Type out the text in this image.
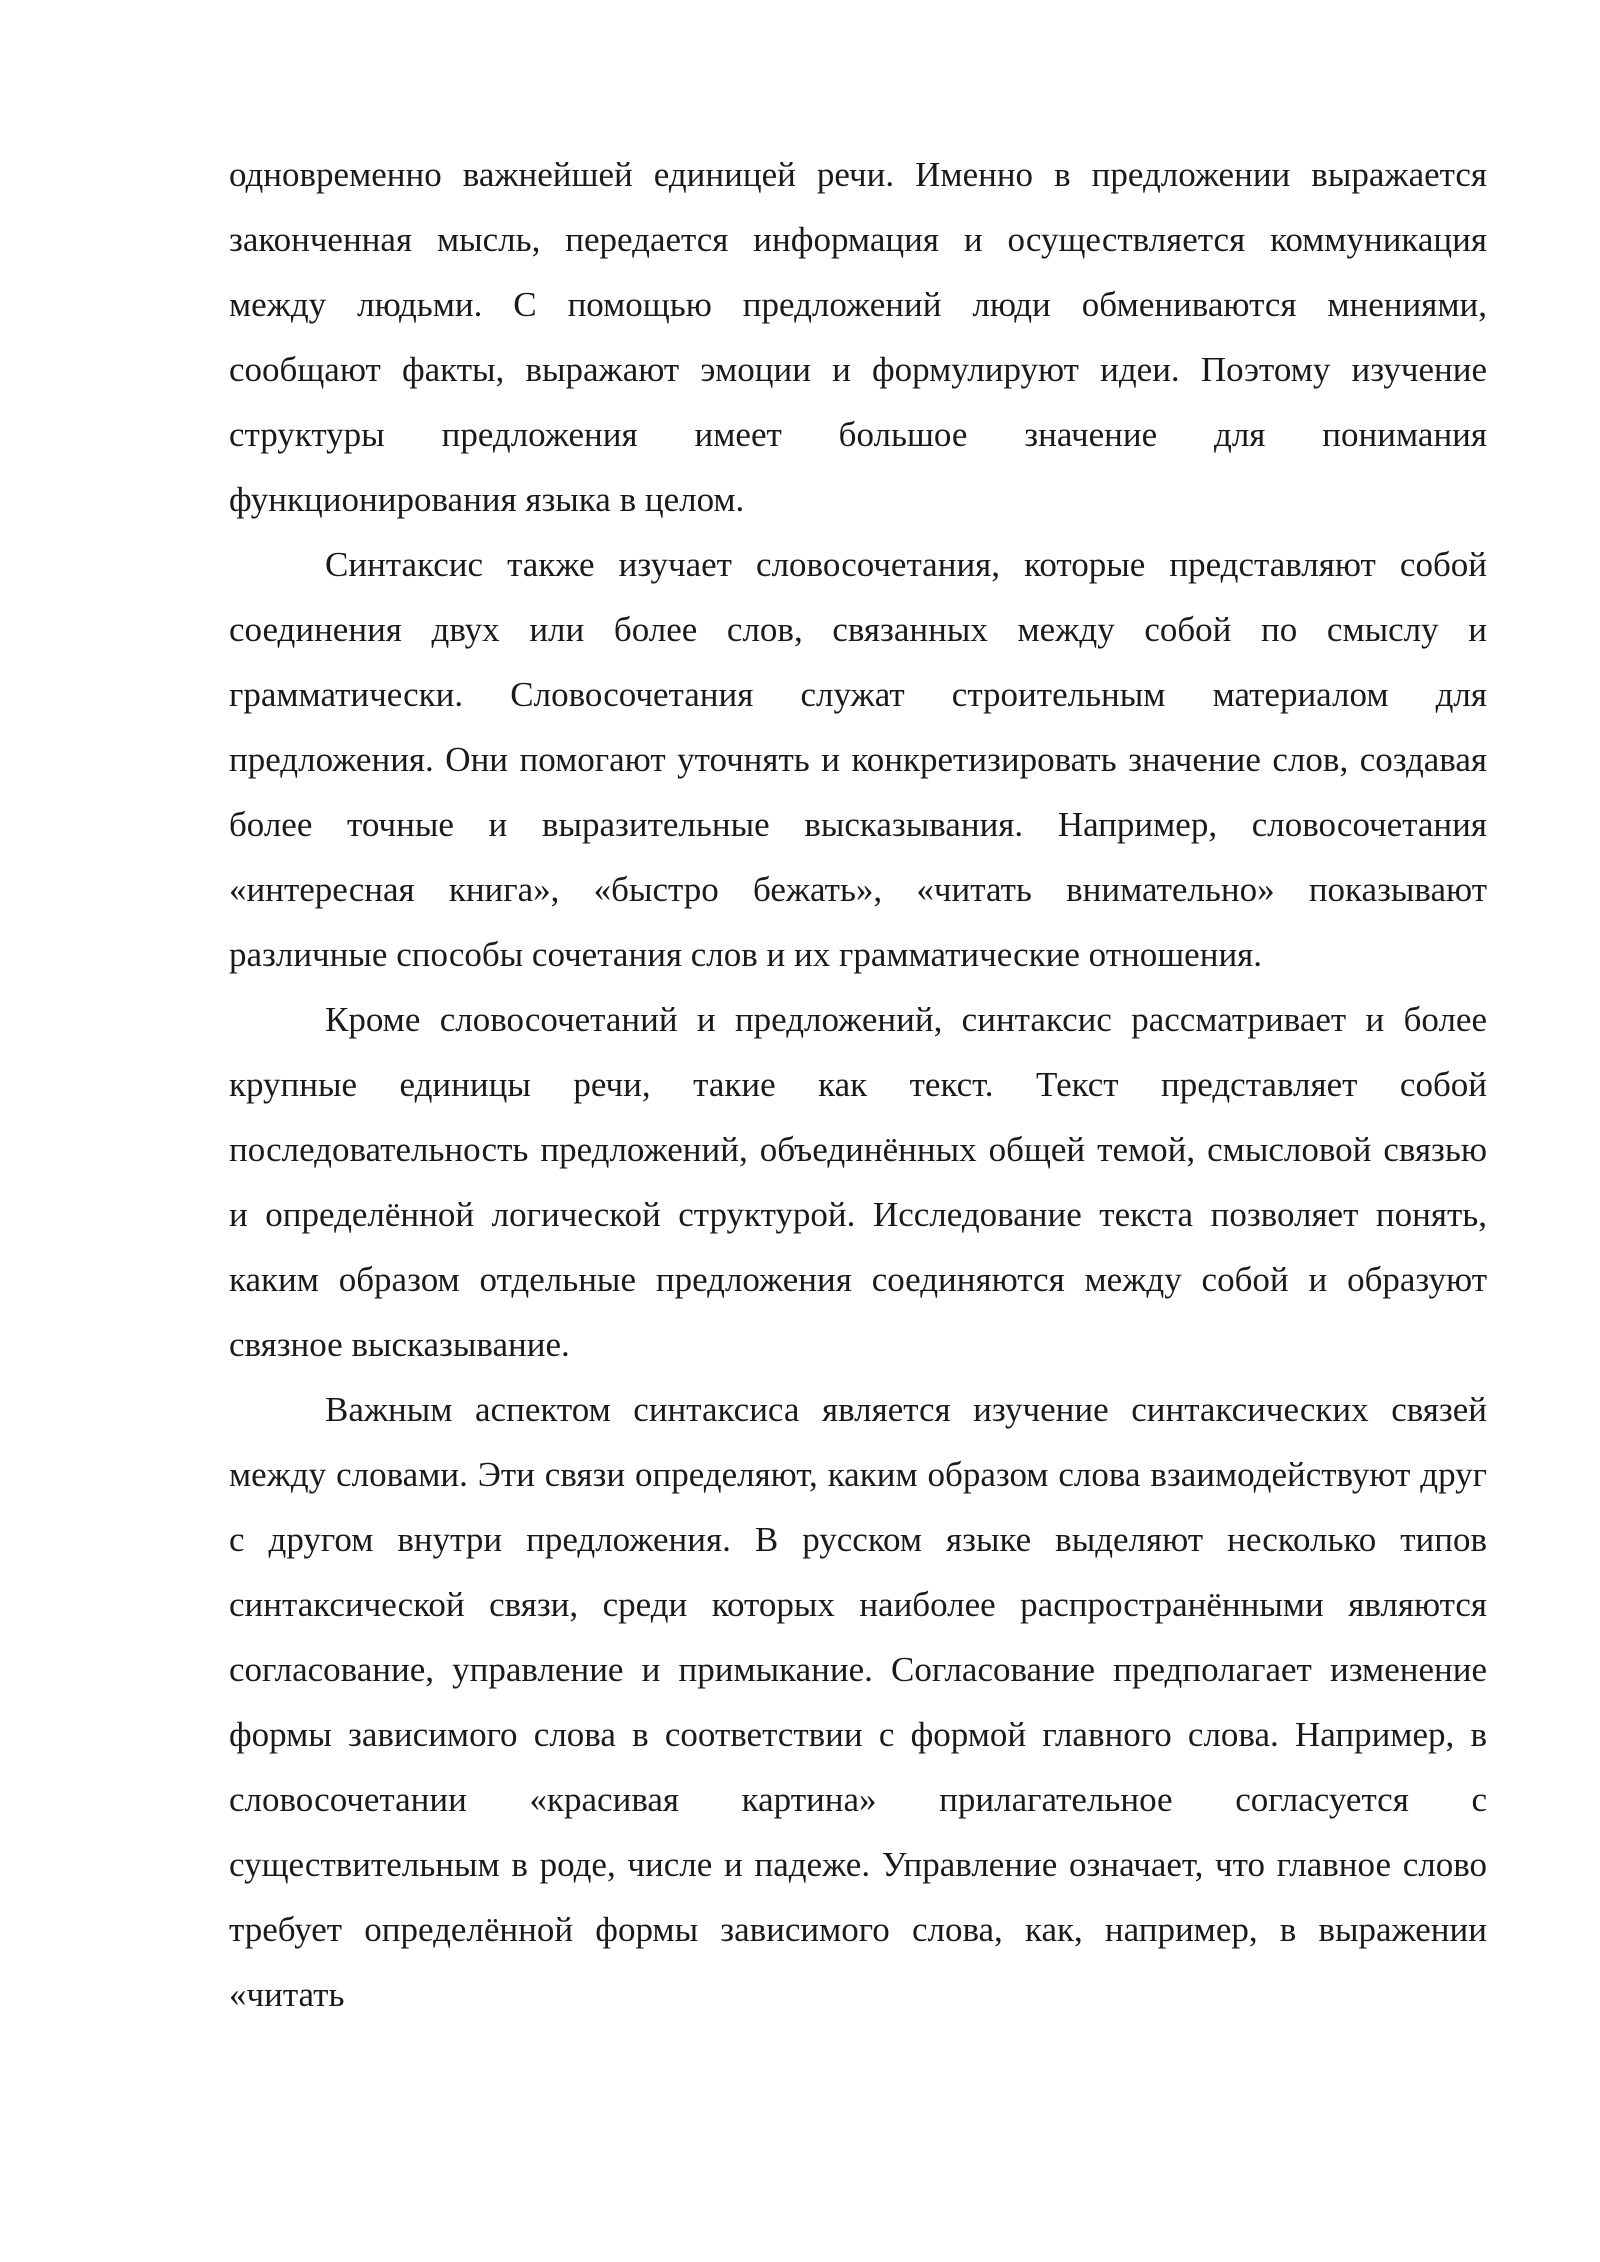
одновременно важнейшей единицей речи. Именно в предложении выражается законченная мысль, передается информация и осуществляется коммуникация между людьми. С помощью предложений люди обмениваются мнениями, сообщают факты, выражают эмоции и формулируют идеи. Поэтому изучение структуры предложения имеет большое значение для понимания функционирования языка в целом.

Синтаксис также изучает словосочетания, которые представляют собой соединения двух или более слов, связанных между собой по смыслу и грамматически. Словосочетания служат строительным материалом для предложения. Они помогают уточнять и конкретизировать значение слов, создавая более точные и выразительные высказывания. Например, словосочетания «интересная книга», «быстро бежать», «читать внимательно» показывают различные способы сочетания слов и их грамматические отношения.

Кроме словосочетаний и предложений, синтаксис рассматривает и более крупные единицы речи, такие как текст. Текст представляет собой последовательность предложений, объединённых общей темой, смысловой связью и определённой логической структурой. Исследование текста позволяет понять, каким образом отдельные предложения соединяются между собой и образуют связное высказывание.

Важным аспектом синтаксиса является изучение синтаксических связей между словами. Эти связи определяют, каким образом слова взаимодействуют друг с другом внутри предложения. В русском языке выделяют несколько типов синтаксической связи, среди которых наиболее распространёнными являются согласование, управление и примыкание. Согласование предполагает изменение формы зависимого слова в соответствии с формой главного слова. Например, в словосочетании «красивая картина» прилагательное согласуется с существительным в роде, числе и падеже. Управление означает, что главное слово требует определённой формы зависимого слова, как, например, в выражении «читать
